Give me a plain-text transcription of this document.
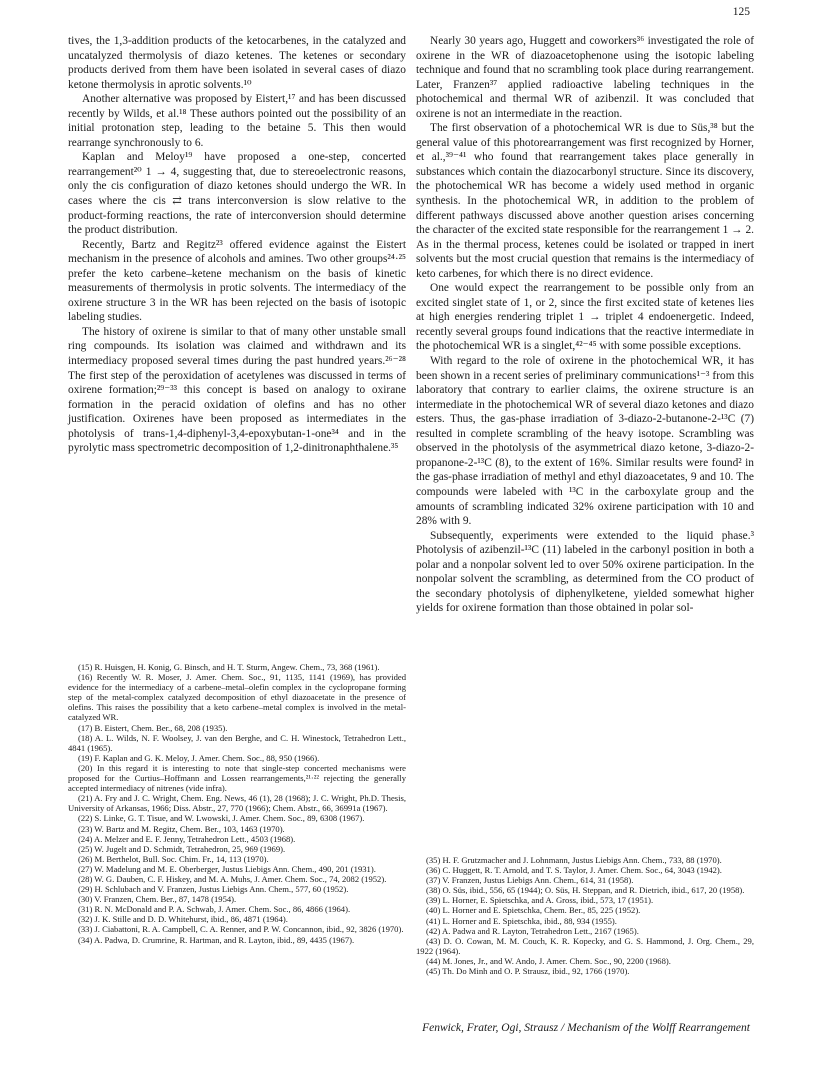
125

tives, the 1,3-addition products of the ketocarbenes, in the catalyzed and uncatalyzed thermolysis of diazo ketenes. The ketenes or secondary products derived from them have been isolated in several cases of diazo ketone thermolysis in aprotic solvents.¹⁰

Another alternative was proposed by Eistert,¹⁷ and has been discussed recently by Wilds, et al.¹⁸ These authors pointed out the possibility of an initial protonation step, leading to the betaine 5. This then would rearrange synchronously to 6.

Kaplan and Meloy¹⁹ have proposed a one-step, concerted rearrangement²⁰ 1 → 4, suggesting that, due to stereoelectronic reasons, only the cis configuration of diazo ketones should undergo the WR. In cases where the cis ⇄ trans interconversion is slow relative to the product-forming reactions, the rate of interconversion should determine the product distribution.

Recently, Bartz and Regitz²³ offered evidence against the Eistert mechanism in the presence of alcohols and amines. Two other groups²⁴·²⁵ prefer the keto carbene–ketene mechanism on the basis of kinetic measurements of thermolysis in protic solvents. The intermediacy of the oxirene structure 3 in the WR has been rejected on the basis of isotopic labeling studies.

The history of oxirene is similar to that of many other unstable small ring compounds. Its isolation was claimed and withdrawn and its intermediacy proposed several times during the past hundred years.²⁶⁻²⁸ The first step of the peroxidation of acetylenes was discussed in terms of oxirene formation;²⁹⁻³³ this concept is based on analogy to oxirane formation in the peracid oxidation of olefins and has no other justification. Oxirenes have been proposed as intermediates in the photolysis of trans-1,4-diphenyl-3,4-epoxybutan-1-one³⁴ and in the pyrolytic mass spectrometric decomposition of 1,2-dinitronaphthalene.³⁵

Nearly 30 years ago, Huggett and coworkers³⁶ investigated the role of oxirene in the WR of diazoacetophenone using the isotopic labeling technique and found that no scrambling took place during rearrangement. Later, Franzen³⁷ applied radioactive labeling techniques in the photochemical and thermal WR of azibenzil. It was concluded that oxirene is not an intermediate in the reaction.

The first observation of a photochemical WR is due to Süs,³⁸ but the general value of this photorearrangement was first recognized by Horner, et al.,³⁹⁻⁴¹ who found that rearrangement takes place generally in substances which contain the diazocarbonyl structure. Since its discovery, the photochemical WR has become a widely used method in organic synthesis. In the photochemical WR, in addition to the problem of different pathways discussed above another question arises concerning the character of the excited state responsible for the rearrangement 1 → 2. As in the thermal process, ketenes could be isolated or trapped in inert solvents but the most crucial question that remains is the intermediacy of keto carbenes, for which there is no direct evidence.

One would expect the rearrangement to be possible only from an excited singlet state of 1, or 2, since the first excited state of ketenes lies at high energies rendering triplet 1 → triplet 4 endoenergetic. Indeed, recently several groups found indications that the reactive intermediate in the photochemical WR is a singlet,⁴²⁻⁴⁵ with some possible exceptions.

With regard to the role of oxirene in the photochemical WR, it has been shown in a recent series of preliminary communications¹⁻³ from this laboratory that contrary to earlier claims, the oxirene structure is an intermediate in the photochemical WR of several diazo ketones and diazo esters. Thus, the gas-phase irradiation of 3-diazo-2-butanone-2-¹³C (7) resulted in complete scrambling of the heavy isotope. Scrambling was observed in the photolysis of the asymmetrical diazo ketone, 3-diazo-2-propanone-2-¹³C (8), to the extent of 16%. Similar results were found² in the gas-phase irradiation of methyl and ethyl diazoacetates, 9 and 10. The compounds were labeled with ¹³C in the carboxylate group and the amounts of scrambling indicated 32% oxirene participation with 10 and 28% with 9.

Subsequently, experiments were extended to the liquid phase.³ Photolysis of azibenzil-¹³C (11) labeled in the carbonyl position in both a polar and a nonpolar solvent led to over 50% oxirene participation. In the nonpolar solvent the scrambling, as determined from the CO product of the secondary photolysis of diphenylketene, yielded somewhat higher yields for oxirene formation than those obtained in polar sol-

(15) R. Huisgen, H. Konig, G. Binsch, and H. T. Sturm, Angew. Chem., 73, 368 (1961).

(16) Recently W. R. Moser, J. Amer. Chem. Soc., 91, 1135, 1141 (1969), has provided evidence for the intermediacy of a carbene–metal–olefin complex in the cyclopropane forming step of the metal-complex catalyzed decomposition of ethyl diazoacetate in the presence of olefins. This raises the possibility that a keto carbene–metal complex is involved in the metal-catalyzed WR.

(17) B. Eistert, Chem. Ber., 68, 208 (1935).

(18) A. L. Wilds, N. F. Woolsey, J. van den Berghe, and C. H. Winestock, Tetrahedron Lett., 4841 (1965).

(19) F. Kaplan and G. K. Meloy, J. Amer. Chem. Soc., 88, 950 (1966).

(20) In this regard it is interesting to note that single-step concerted mechanisms were proposed for the Curtius–Hoffmann and Lossen rearrangements,²¹·²² rejecting the generally accepted intermediacy of nitrenes (vide infra).

(21) A. Fry and J. C. Wright, Chem. Eng. News, 46 (1), 28 (1968); J. C. Wright, Ph.D. Thesis, University of Arkansas, 1966; Diss. Abstr., 27, 770 (1966); Chem. Abstr., 66, 36991a (1967).

(22) S. Linke, G. T. Tisue, and W. Lwowski, J. Amer. Chem. Soc., 89, 6308 (1967).

(23) W. Bartz and M. Regitz, Chem. Ber., 103, 1463 (1970).

(24) A. Melzer and E. F. Jenny, Tetrahedron Lett., 4503 (1968).

(25) W. Jugelt and D. Schmidt, Tetrahedron, 25, 969 (1969).

(26) M. Berthelot, Bull. Soc. Chim. Fr., 14, 113 (1970).

(27) W. Madelung and M. E. Oberberger, Justus Liebigs Ann. Chem., 490, 201 (1931).

(28) W. G. Dauben, C. F. Hiskey, and M. A. Muhs, J. Amer. Chem. Soc., 74, 2082 (1952).

(29) H. Schlubach and V. Franzen, Justus Liebigs Ann. Chem., 577, 60 (1952).

(30) V. Franzen, Chem. Ber., 87, 1478 (1954).

(31) R. N. McDonald and P. A. Schwab, J. Amer. Chem. Soc., 86, 4866 (1964).

(32) J. K. Stille and D. D. Whitehurst, ibid., 86, 4871 (1964).

(33) J. Ciabattoni, R. A. Campbell, C. A. Renner, and P. W. Concannon, ibid., 92, 3826 (1970).

(34) A. Padwa, D. Crumrine, R. Hartman, and R. Layton, ibid., 89, 4435 (1967).

(35) H. F. Grutzmacher and J. Lohnmann, Justus Liebigs Ann. Chem., 733, 88 (1970).

(36) C. Huggett, R. T. Arnold, and T. S. Taylor, J. Amer. Chem. Soc., 64, 3043 (1942).

(37) V. Franzen, Justus Liebigs Ann. Chem., 614, 31 (1958).

(38) O. Süs, ibid., 556, 65 (1944); O. Süs, H. Steppan, and R. Dietrich, ibid., 617, 20 (1958).

(39) L. Horner, E. Spietschka, and A. Gross, ibid., 573, 17 (1951).

(40) L. Horner and E. Spietschka, Chem. Ber., 85, 225 (1952).

(41) L. Horner and E. Spietschka, ibid., 88, 934 (1955).

(42) A. Padwa and R. Layton, Tetrahedron Lett., 2167 (1965).

(43) D. O. Cowan, M. M. Couch, K. R. Kopecky, and G. S. Hammond, J. Org. Chem., 29, 1922 (1964).

(44) M. Jones, Jr., and W. Ando, J. Amer. Chem. Soc., 90, 2200 (1968).

(45) Th. Do Minh and O. P. Strausz, ibid., 92, 1766 (1970).

Fenwick, Frater, Ogi, Strausz / Mechanism of the Wolff Rearrangement
